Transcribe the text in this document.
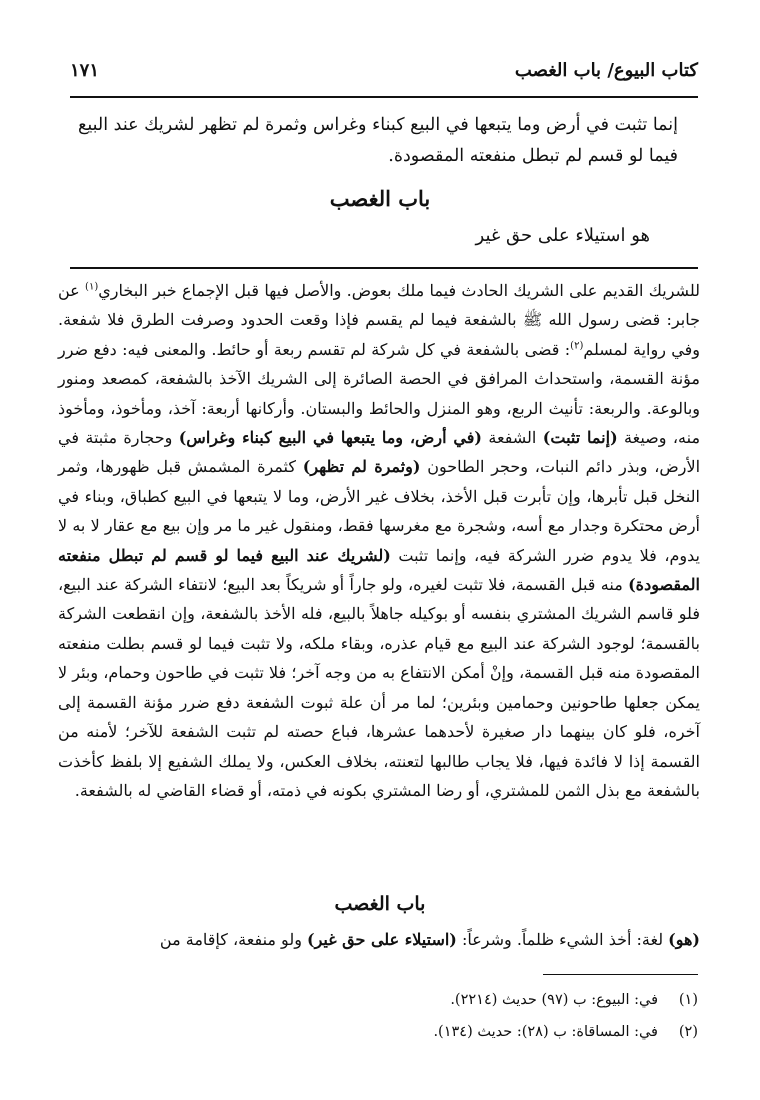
كتاب البيوع/ باب الغصب
١٧١

إنما تثبت في أرض وما يتبعها في البيع كبناء وغراس وثمرة لم تظهر لشريك عند البيع فيما لو قسم لم تبطل منفعته المقصودة.

باب الغصب
هو استيلاء على حق غير

للشريك القديم على الشريك الحادث فيما ملك بعوض. والأصل فيها قبل الإجماع خبر البخاري$^{(١)}$ عن جابر: قضى رسول الله ﷺ بالشفعة فيما لم يقسم فإذا وقعت الحدود وصرفت الطرق فلا شفعة. وفي رواية لمسلم$^{(٢)}$: قضى بالشفعة في كل شركة لم تقسم ربعة أو حائط. والمعنى فيه: دفع ضرر مؤنة القسمة، واستحداث المرافق في الحصة الصائرة إلى الشريك الآخذ بالشفعة، كمصعد ومنور وبالوعة. والربعة: تأنيث الربع، وهو المنزل والحائط والبستان. وأركانها أربعة: آخذ، ومأخوذ، ومأخوذ منه، وصيغة (إنما تثبت) الشفعة (في أرض، وما يتبعها في البيع كبناء وغراس) وحجارة مثبتة في الأرض، وبذر دائم النبات، وحجر الطاحون (وثمرة لم تظهر) كثمرة المشمش قبل ظهورها، وثمر النخل قبل تأبرها، وإن تأبرت قبل الأخذ، بخلاف غير الأرض، وما لا يتبعها في البيع كطباق، وبناء في أرض محتكرة وجدار مع أسه، وشجرة مع مغرسها فقط، ومنقول غير ما مر وإن بيع مع عقار لا به لا يدوم، فلا يدوم ضرر الشركة فيه، وإنما تثبت (لشريك عند البيع فيما لو قسم لم تبطل منفعته المقصودة) منه قبل القسمة، فلا تثبت لغيره، ولو جاراً أو شريكاً بعد البيع؛ لانتفاء الشركة عند البيع، فلو قاسم الشريك المشتري بنفسه أو بوكيله جاهلاً بالبيع، فله الأخذ بالشفعة، وإن انقطعت الشركة بالقسمة؛ لوجود الشركة عند البيع مع قيام عذره، وبقاء ملكه، ولا تثبت فيما لو قسم بطلت منفعته المقصودة منه قبل القسمة، وإنْ أمكن الانتفاع به من وجه آخر؛ فلا تثبت في طاحون وحمام، وبئر لا يمكن جعلها طاحونين وحمامين وبئرين؛ لما مر أن علة ثبوت الشفعة دفع ضرر مؤنة القسمة إلى آخره، فلو كان بينهما دار صغيرة لأحدهما عشرها، فباع حصته لم تثبت الشفعة للآخر؛ لأمنه من القسمة إذا لا فائدة فيها، فلا يجاب طالبها لتعنته، بخلاف العكس، ولا يملك الشفيع إلا بلفظ كأخذت بالشفعة مع بذل الثمن للمشتري، أو رضا المشتري بكونه في ذمته، أو قضاء القاضي له بالشفعة.

باب الغصب
(هو) لغة: أخذ الشيء ظلماً. وشرعاً: (استيلاء على حق غير) ولو منفعة، كإقامة من
(١)في: البيوع: ب (٩٧) حديث (٢٢١٤).
(٢)في: المساقاة: ب (٢٨): حديث (١٣٤).
